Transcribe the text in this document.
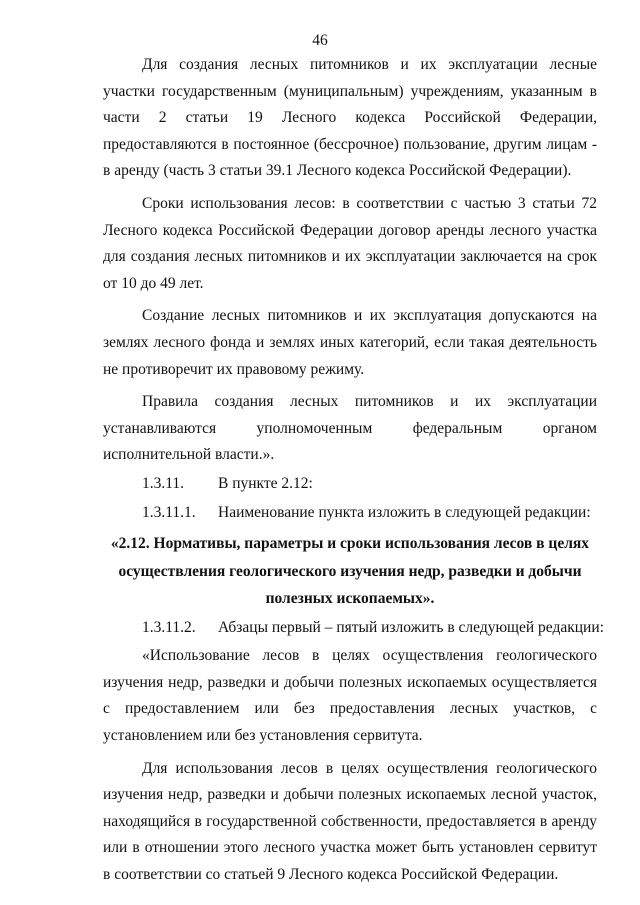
46

Для создания лесных питомников и их эксплуатации лесные участки государственным (муниципальным) учреждениям, указанным в части 2 статьи 19 Лесного кодекса Российской Федерации, предоставляются в постоянное (бессрочное) пользование, другим лицам - в аренду (часть 3 статьи 39.1 Лесного кодекса Российской Федерации).

Сроки использования лесов: в соответствии с частью 3 статьи 72 Лесного кодекса Российской Федерации договор аренды лесного участка для создания лесных питомников и их эксплуатации заключается на срок от 10 до 49 лет.

Создание лесных питомников и их эксплуатация допускаются на землях лесного фонда и землях иных категорий, если такая деятельность не противоречит их правовому режиму.

Правила создания лесных питомников и их эксплуатации устанавливаются уполномоченным федеральным органом исполнительной власти.».

1.3.11. В пункте 2.12:
1.3.11.1. Наименование пункта изложить в следующей редакции:
«2.12. Нормативы, параметры и сроки использования лесов в целях осуществления геологического изучения недр, разведки и добычи полезных ископаемых».
1.3.11.2. Абзацы первый – пятый изложить в следующей редакции:

«Использование лесов в целях осуществления геологического изучения недр, разведки и добычи полезных ископаемых осуществляется с предоставлением или без предоставления лесных участков, с установлением или без установления сервитута.

Для использования лесов в целях осуществления геологического изучения недр, разведки и добычи полезных ископаемых лесной участок, находящийся в государственной собственности, предоставляется в аренду или в отношении этого лесного участка может быть установлен сервитут в соответствии со статьей 9 Лесного кодекса Российской Федерации.
